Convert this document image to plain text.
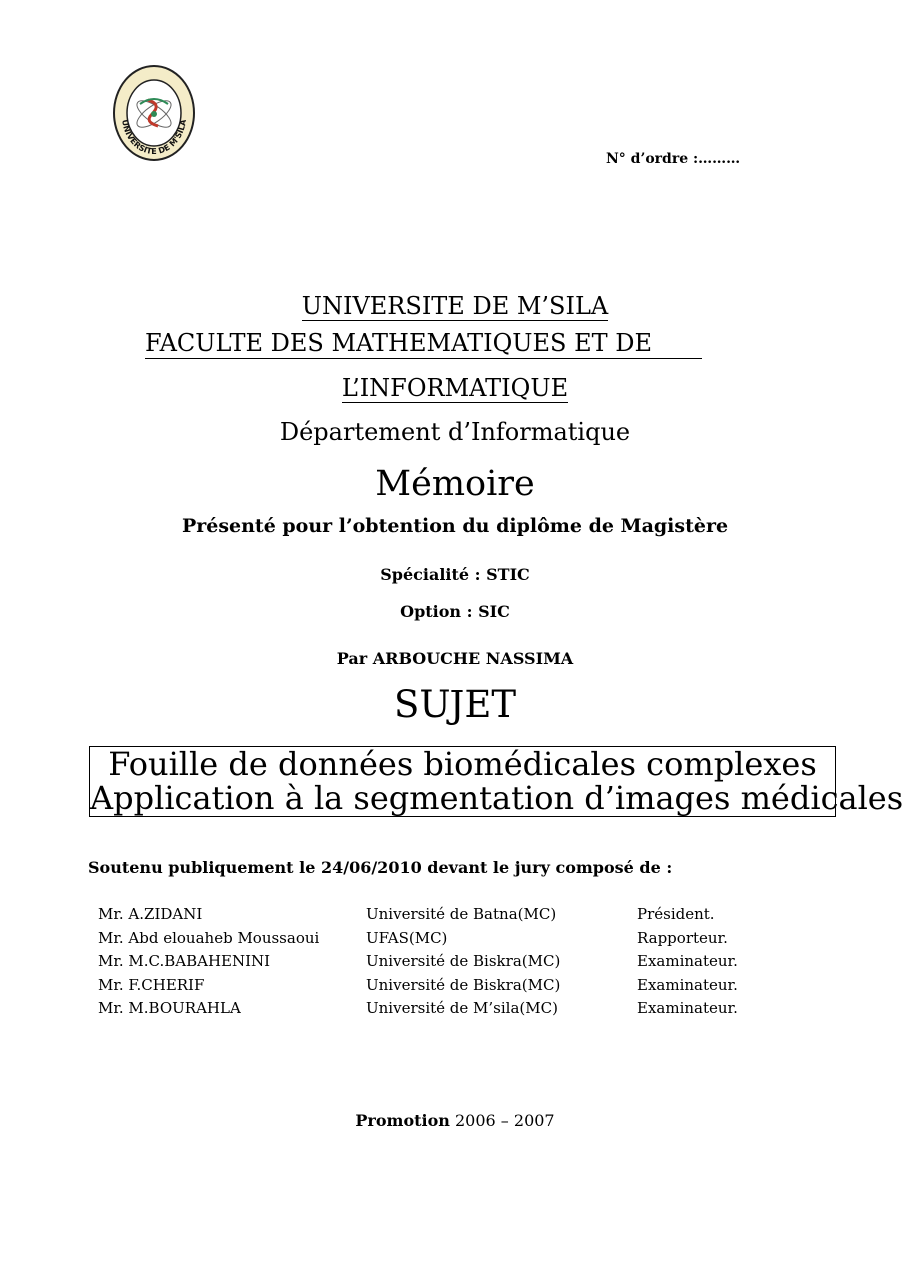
UNIVERSITE DE M'SILA
N° d’ordre :………
UNIVERSITE DE M’SILA
FACULTE DES MATHEMATIQUES ET DE
L’INFORMATIQUE
Département d’Informatique
Mémoire
Présenté pour l’obtention du diplôme de Magistère
Spécialité : STIC
Option : SIC
Par ARBOUCHE NASSIMA
SUJET
Fouille de données biomédicales complexes
Application à la segmentation d’images médicales
Soutenu publiquement le 24/06/2010 devant le jury composé de :
Mr. A.ZIDANI	Université de Batna(MC)	Président.
Mr. Abd elouaheb Moussaoui	UFAS(MC)	Rapporteur.
Mr. M.C.BABAHENINI	Université de Biskra(MC)	Examinateur.
Mr. F.CHERIF	Université de Biskra(MC)	Examinateur.
Mr. M.BOURAHLA	Université de M’sila(MC)	Examinateur.
Promotion 2006 – 2007
